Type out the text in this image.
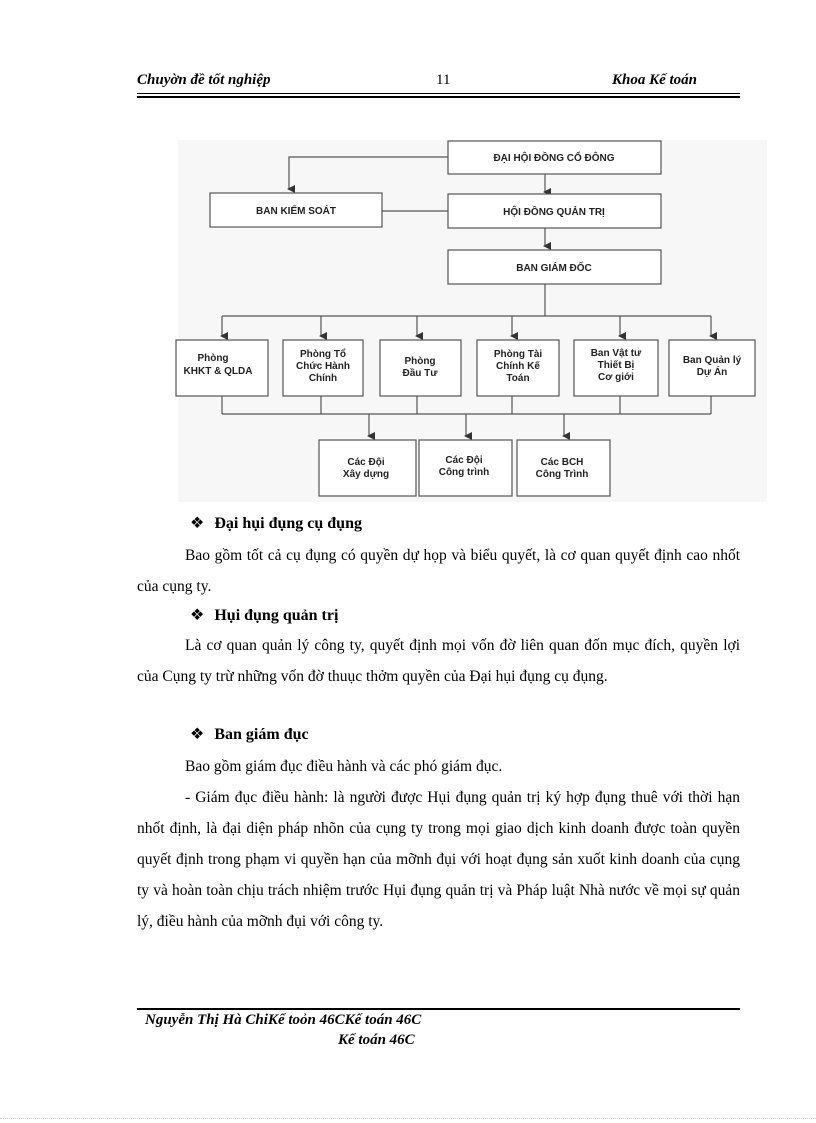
Chuyờn đề tốt nghiệp	11	Khoa Kế toán
ĐẠI HỘI ĐỒNG CỔ ĐÔNG
BAN KIỂM SOÁT	HỘI ĐỒNG QUẢN TRỊ
BAN GIÁM ĐỐC
Phòng
KHKT & QLDA
Phòng Tổ
Chức Hành
Chính
Phòng
Đầu Tư
Phòng Tài
Chính Kế
Toán
Ban Vật tư
Thiết Bị
Cơ giới
Ban Quản lý
Dự Án
Các Đội
Xây dựng
Các Đội
Công trình
Các BCH
Công Trình
❖ Đại hụi đụng cụ đụng
Bao gồm tốt cả cụ đụng có quyền dự họp và biểu quyết, là cơ quan quyết định cao nhốt của cụng ty.
❖ Hụi đụng quản trị
Là cơ quan quản lý công ty, quyết định mọi vốn đờ liên quan đốn mục đích, quyền lợi của Cụng ty trừ những vốn đờ thuục thởm quyền của Đại hụi đụng cụ đụng.
❖ Ban giám đục
Bao gồm giám đục điều hành và các phó giám đục.
- Giám đục điều hành: là người được Hụi đụng quản trị ký hợp đụng thuê với thời hạn nhốt định, là đại diện pháp nhõn của cụng ty trong mọi giao dịch kinh doanh được toàn quyền quyết định trong phạm vi quyền hạn của mỡnh đụi với hoạt đụng sản xuốt kinh doanh của cụng ty và hoàn toàn chịu trách nhiệm trước Hụi đụng quản trị và Pháp luật Nhà nước về mọi sự quản lý, điều hành của mỡnh đụi với công ty.
Nguyễn Thị Hà ChiKế toỏn 46CKế toán 46C
Kế toán 46C
